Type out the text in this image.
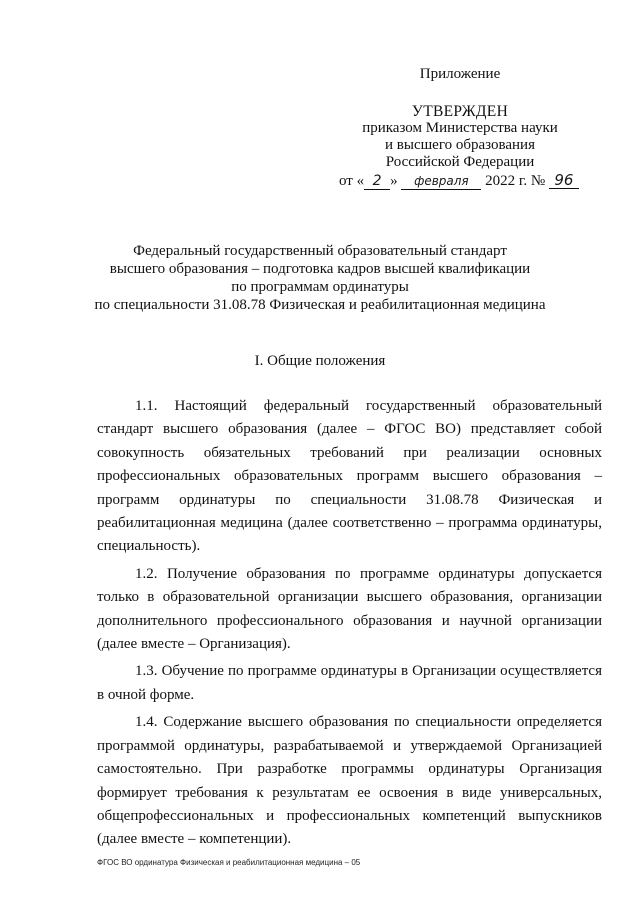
Приложение
УТВЕРЖДЕН
приказом Министерства науки
и высшего образования
Российской Федерации
от « 2 » февраля 2022 г. № 96
Федеральный государственный образовательный стандарт
высшего образования – подготовка кадров высшей квалификации
по программам ординатуры
по специальности 31.08.78 Физическая и реабилитационная медицина
I. Общие положения

1.1. Настоящий федеральный государственный образовательный стандарт высшего образования (далее – ФГОС ВО) представляет собой совокупность обязательных требований при реализации основных профессиональных образовательных программ высшего образования – программ ординатуры по специальности 31.08.78 Физическая и реабилитационная медицина (далее соответственно – программа ординатуры, специальность).

1.2. Получение образования по программе ординатуры допускается только в образовательной организации высшего образования, организации дополнительного профессионального образования и научной организации (далее вместе – Организация).

1.3. Обучение по программе ординатуры в Организации осуществляется в очной форме.

1.4. Содержание высшего образования по специальности определяется программой ординатуры, разрабатываемой и утверждаемой Организацией самостоятельно. При разработке программы ординатуры Организация формирует требования к результатам ее освоения в виде универсальных, общепрофессиональных и профессиональных компетенций выпускников (далее вместе – компетенции).

ФГОС ВО ординатура Физическая и реабилитационная медицина – 05
